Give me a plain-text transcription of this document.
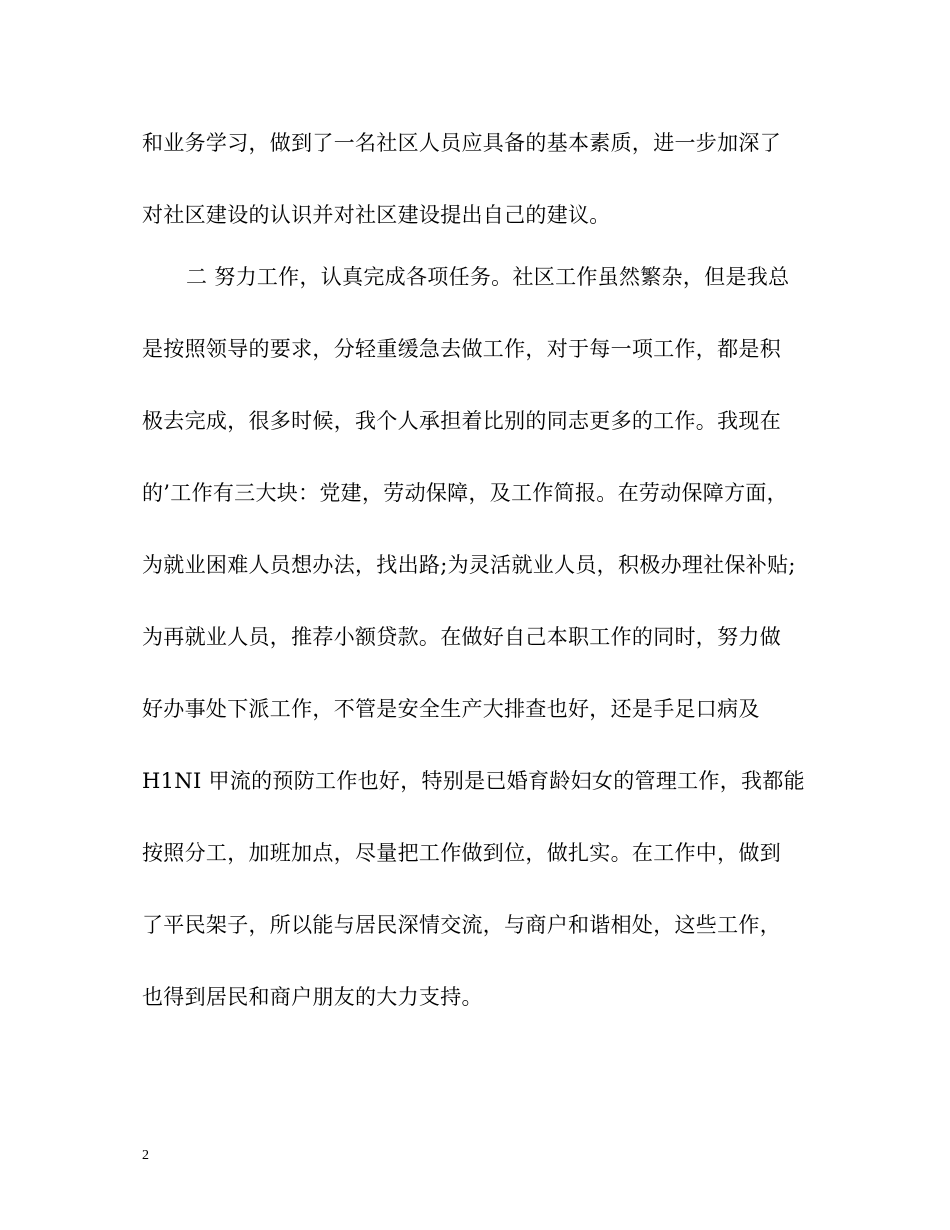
和业务学习，做到了一名社区人员应具备的基本素质，进一步加深了
对社区建设的认识并对社区建设提出自己的建议。
二 努力工作，认真完成各项任务。社区工作虽然繁杂，但是我总
是按照领导的要求，分轻重缓急去做工作，对于每一项工作，都是积
极去完成，很多时候，我个人承担着比别的同志更多的工作。我现在
的’工作有三大块：党建，劳动保障，及工作简报。在劳动保障方面，
为就业困难人员想办法，找出路;为灵活就业人员，积极办理社保补贴;
为再就业人员，推荐小额贷款。在做好自己本职工作的同时，努力做
好办事处下派工作，不管是安全生产大排查也好，还是手足口病及
H1NI 甲流的预防工作也好，特别是已婚育龄妇女的管理工作，我都能
按照分工，加班加点，尽量把工作做到位，做扎实。在工作中，做到
了平民架子，所以能与居民深情交流，与商户和谐相处，这些工作，
也得到居民和商户朋友的大力支持。
2
